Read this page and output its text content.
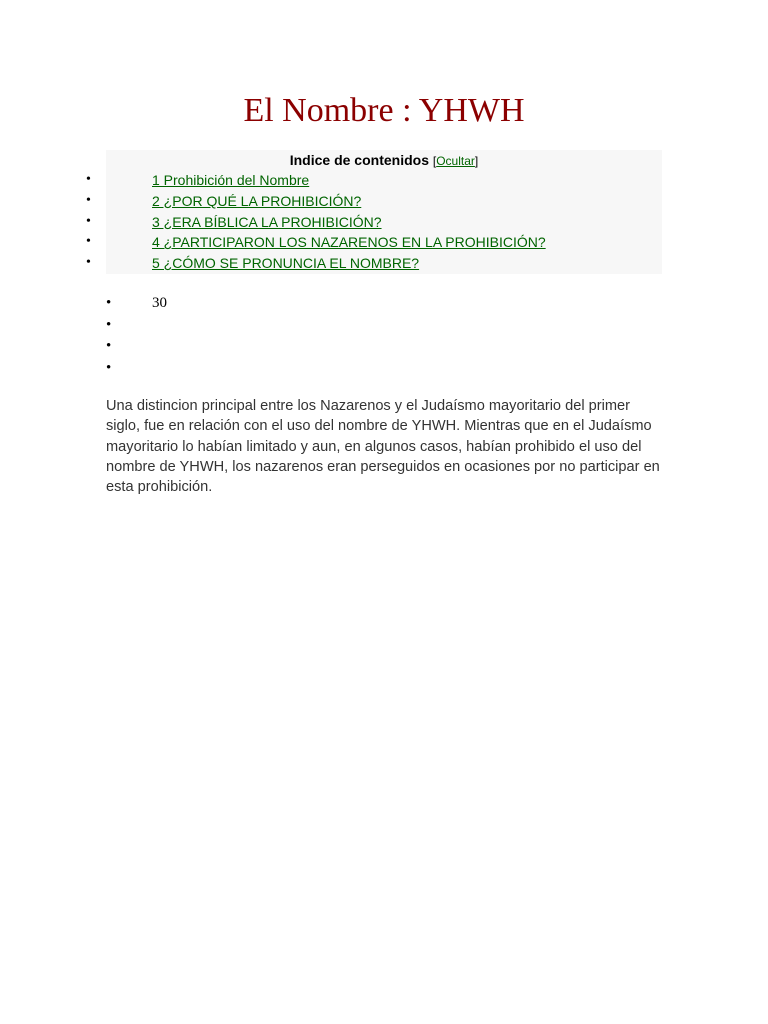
El Nombre : YHWH
Indice de contenidos [Ocultar]
•	1 Prohibición del Nombre
•	2 ¿POR QUÉ LA PROHIBICIÓN?
•	3 ¿ERA BÍBLICA LA PROHIBICIÓN?
•	4 ¿PARTICIPARON LOS NAZARENOS EN LA PROHIBICIÓN?
•	5 ¿CÓMO SE PRONUNCIA EL NOMBRE?
•	30
•
•
•

Una distincion principal entre los Nazarenos y el Judaísmo mayoritario del primer siglo, fue en relación con el uso del nombre de YHWH. Mientras que en el Judaísmo mayoritario lo habían limitado y aun, en algunos casos, habían prohibido el uso del nombre de YHWH, los nazarenos eran perseguidos en ocasiones por no participar en esta prohibición.
